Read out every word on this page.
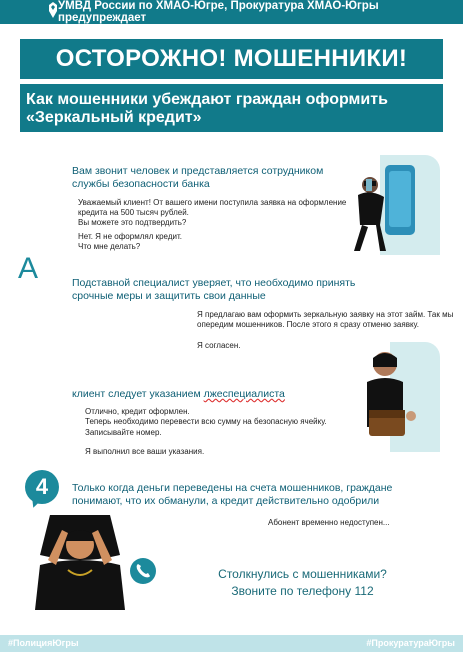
УМВД России по ХМАО-Югре, Прокуратура ХМАО-Югры предупреждает
ОСТОРОЖНО! МОШЕННИКИ!
Как мошенники убеждают граждан оформить «Зеркальный кредит»
Вам звонит человек и представляется сотрудником службы безопасности банка
Уважаемый клиент! От вашего имени поступила заявка на оформление
кредита на 500 тысяч рублей.
Вы можете это подтвердить?
Нет. Я не оформлял кредит.
Что мне делать?
А	Подставной специалист уверяет, что необходимо принять срочные меры и защитить свои данные
Я предлагаю вам оформить зеркальную заявку на этот займ. Так мы
опередим мошенников. После этого я сразу отменю заявку.
Я согласен.
клиент следует указанием лжеспециалиста
Отлично, кредит оформлен.
Теперь необходимо перевести всю сумму на безопасную ячейку.
Записывайте номер.
Я выполнил все ваши указания.
4	Только когда деньги переведены на счета мошенников, граждане понимают, что их обманули, а кредит действительно одобрили
Абонент временно недоступен...
Столкнулись с мошенниками?
Звоните по телефону 112
#ПолицияЮгры	#ПрокуратураЮгры
